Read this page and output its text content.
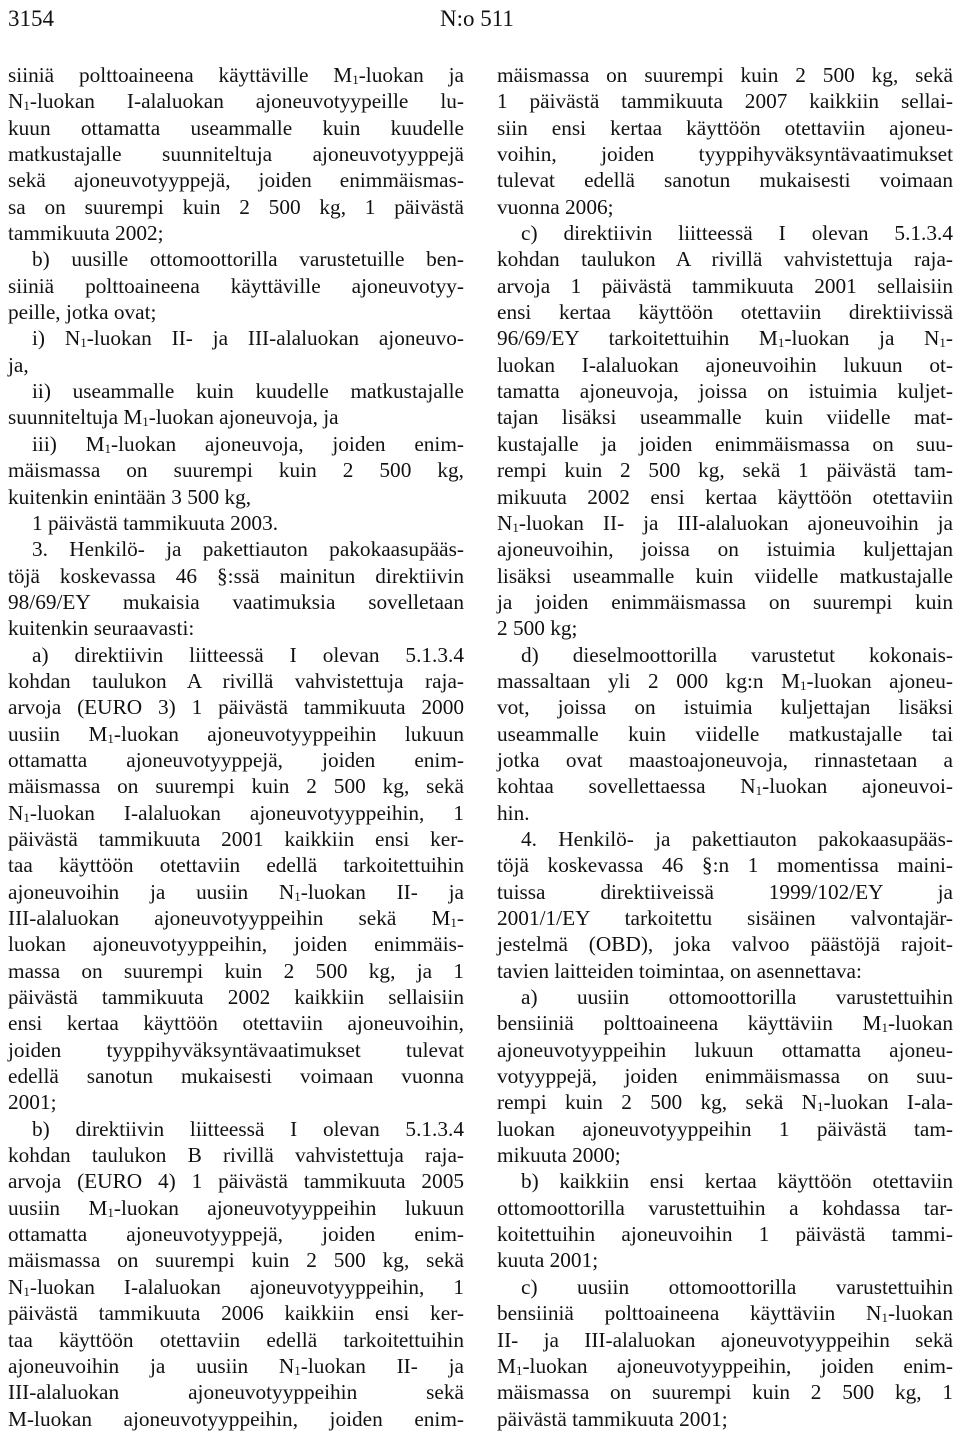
3154	N:o 511
siiniä polttoaineena käyttäville $M_1$-luokan ja
$N_1$-luokan I-alaluokan ajoneuvotyypeille lu-
kuun ottamatta useammalle kuin kuudelle
matkustajalle suunniteltuja ajoneuvotyyppejä
sekä ajoneuvotyyppejä, joiden enimmäismas-
sa on suurempi kuin 2 500 kg, 1 päivästä
tammikuuta 2002;
b) uusille ottomoottorilla varustetuille ben-
siiniä polttoaineena käyttäville ajoneuvotyy-
peille, jotka ovat;
i) $N_1$-luokan II- ja III-alaluokan ajoneuvo-
ja,
ii) useammalle kuin kuudelle matkustajalle
suunniteltuja $M_1$-luokan ajoneuvoja, ja
iii) $M_1$-luokan ajoneuvoja, joiden enim-
mäismassa on suurempi kuin 2 500 kg,
kuitenkin enintään 3 500 kg,
1 päivästä tammikuuta 2003.
3. Henkilö- ja pakettiauton pakokaasupääs-
töjä koskevassa 46 §:ssä mainitun direktiivin
98/69/EY mukaisia vaatimuksia sovelletaan
kuitenkin seuraavasti:
a) direktiivin liitteessä I olevan 5.1.3.4
kohdan taulukon A rivillä vahvistettuja raja-
arvoja (EURO 3) 1 päivästä tammikuuta 2000
uusiin $M_1$-luokan ajoneuvotyyppeihin lukuun
ottamatta ajoneuvotyyppejä, joiden enim-
mäismassa on suurempi kuin 2 500 kg, sekä
$N_1$-luokan I-alaluokan ajoneuvotyyppeihin, 1
päivästä tammikuuta 2001 kaikkiin ensi ker-
taa käyttöön otettaviin edellä tarkoitettuihin
ajoneuvoihin ja uusiin $N_1$-luokan II- ja
III-alaluokan ajoneuvotyyppeihin sekä $M_1-$
luokan ajoneuvotyyppeihin, joiden enimmäis-
massa on suurempi kuin 2 500 kg, ja 1
päivästä tammikuuta 2002 kaikkiin sellaisiin
ensi kertaa käyttöön otettaviin ajoneuvoihin,
joiden tyyppihyväksyntävaatimukset tulevat
edellä sanotun mukaisesti voimaan vuonna
2001;
b) direktiivin liitteessä I olevan 5.1.3.4
kohdan taulukon B rivillä vahvistettuja raja-
arvoja (EURO 4) 1 päivästä tammikuuta 2005
uusiin $M_1$-luokan ajoneuvotyyppeihin lukuun
ottamatta ajoneuvotyyppejä, joiden enim-
mäismassa on suurempi kuin 2 500 kg, sekä
$N_1$-luokan I-alaluokan ajoneuvotyyppeihin, 1
päivästä tammikuuta 2006 kaikkiin ensi ker-
taa käyttöön otettaviin edellä tarkoitettuihin
ajoneuvoihin ja uusiin $N_1$-luokan II- ja
III-alaluokan ajoneuvotyyppeihin sekä
M-luokan ajoneuvotyyppeihin, joiden enim-
mäismassa on suurempi kuin 2 500 kg, sekä
1 päivästä tammikuuta 2007 kaikkiin sellai-
siin ensi kertaa käyttöön otettaviin ajoneu-
voihin, joiden tyyppihyväksyntävaatimukset
tulevat edellä sanotun mukaisesti voimaan
vuonna 2006;
c) direktiivin liitteessä I olevan 5.1.3.4
kohdan taulukon A rivillä vahvistettuja raja-
arvoja 1 päivästä tammikuuta 2001 sellaisiin
ensi kertaa käyttöön otettaviin direktiivissä
96/69/EY tarkoitettuihin $M_1$-luokan ja $N_1-$
luokan I-alaluokan ajoneuvoihin lukuun ot-
tamatta ajoneuvoja, joissa on istuimia kuljet-
tajan lisäksi useammalle kuin viidelle mat-
kustajalle ja joiden enimmäismassa on suu-
rempi kuin 2 500 kg, sekä 1 päivästä tam-
mikuuta 2002 ensi kertaa käyttöön otettaviin
$N_1$-luokan II- ja III-alaluokan ajoneuvoihin ja
ajoneuvoihin, joissa on istuimia kuljettajan
lisäksi useammalle kuin viidelle matkustajalle
ja joiden enimmäismassa on suurempi kuin
2 500 kg;
d) dieselmoottorilla varustetut kokonais-
massaltaan yli 2 000 kg:n $M_1$-luokan ajoneu-
vot, joissa on istuimia kuljettajan lisäksi
useammalle kuin viidelle matkustajalle tai
jotka ovat maastoajoneuvoja, rinnastetaan a
kohtaa sovellettaessa $N_1$-luokan ajoneuvoi-
hin.
4. Henkilö- ja pakettiauton pakokaasupääs-
töjä koskevassa 46 §:n 1 momentissa maini-
tuissa direktiiveissä 1999/102/EY ja
2001/1/EY tarkoitettu sisäinen valvontajär-
jestelmä (OBD), joka valvoo päästöjä rajoit-
tavien laitteiden toimintaa, on asennettava:
a) uusiin ottomoottorilla varustettuihin
bensiiniä polttoaineena käyttäviin $M_1$-luokan
ajoneuvotyyppeihin lukuun ottamatta ajoneu-
votyyppejä, joiden enimmäismassa on suu-
rempi kuin 2 500 kg, sekä $N_1$-luokan I-ala-
luokan ajoneuvotyyppeihin 1 päivästä tam-
mikuuta 2000;
b) kaikkiin ensi kertaa käyttöön otettaviin
ottomoottorilla varustettuihin a kohdassa tar-
koitettuihin ajoneuvoihin 1 päivästä tammi-
kuuta 2001;
c) uusiin ottomoottorilla varustettuihin
bensiiniä polttoaineena käyttäviin $N_1$-luokan
II- ja III-alaluokan ajoneuvotyyppeihin sekä
$M_1$-luokan ajoneuvotyyppeihin, joiden enim-
mäismassa on suurempi kuin 2 500 kg, 1
päivästä tammikuuta 2001;
